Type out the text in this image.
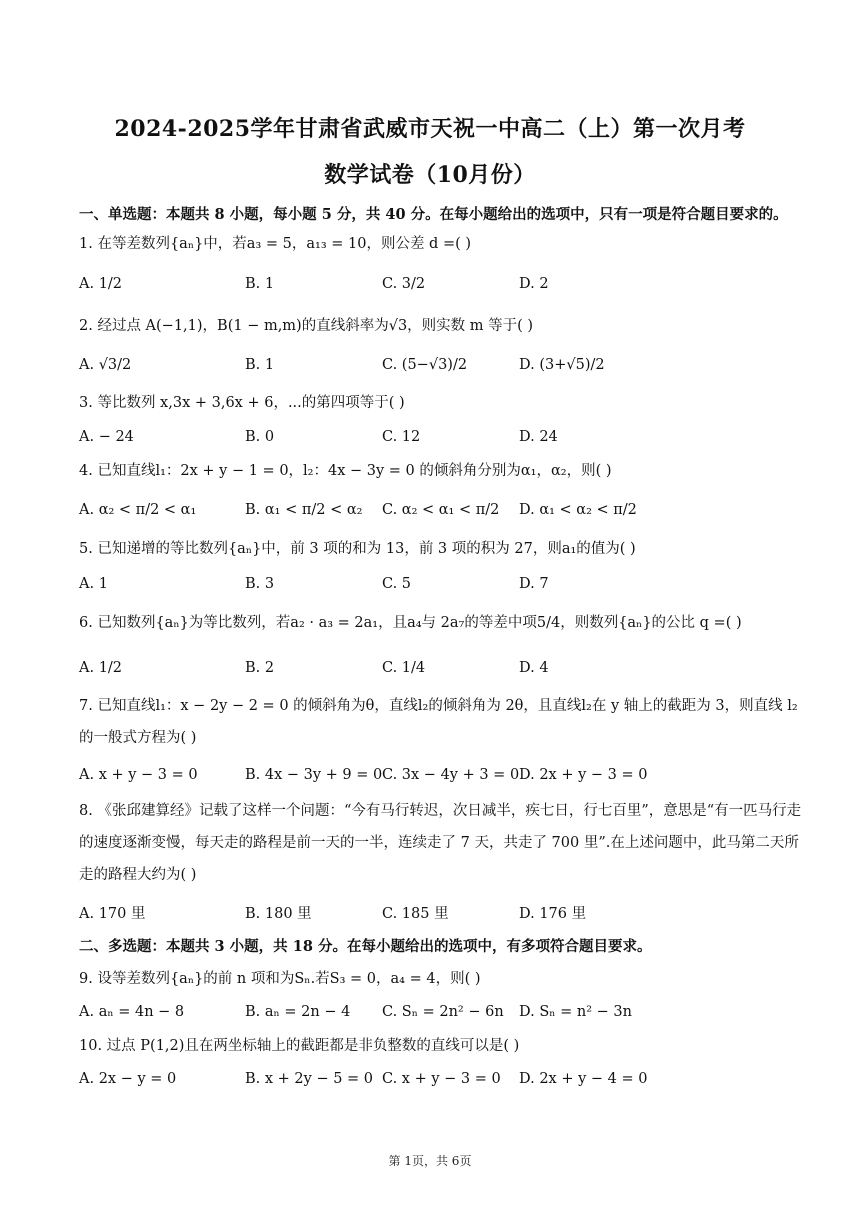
2024-2025学年甘肃省武威市天祝一中高二（上）第一次月考
数学试卷（10月份）
一、单选题：本题共 8 小题，每小题 5 分，共 40 分。在每小题给出的选项中，只有一项是符合题目要求的。
1. 在等差数列{aₙ}中，若a₃ = 5，a₁₃ = 10，则公差 d =( )
A. 1/2	B. 1	C. 3/2	D. 2
2. 经过点 A(−1,1)，B(1 − m,m)的直线斜率为√3，则实数 m 等于( )
A. √3/2	B. 1	C. (5−√3)/2	D. (3+√5)/2
3. 等比数列 x,3x + 3,6x + 6，...的第四项等于( )
A. − 24	B. 0	C. 12	D. 24
4. 已知直线l₁：2x + y − 1 = 0，l₂：4x − 3y = 0 的倾斜角分别为α₁，α₂，则( )
A. α₂ < π/2 < α₁	B. α₁ < π/2 < α₂ C. α₂ < α₁ < π/2 D. α₁ < α₂ < π/2
5. 已知递增的等比数列{aₙ}中，前 3 项的和为 13，前 3 项的积为 27，则a₁的值为( )
A. 1	B. 3	C. 5	D. 7
6. 已知数列{aₙ}为等比数列，若a₂ · a₃ = 2a₁，且a₄与 2a₇的等差中项5/4，则数列{aₙ}的公比 q =( )
A. 1/2	B. 2	C. 1/4	D. 4
7. 已知直线l₁：x − 2y − 2 = 0 的倾斜角为θ，直线l₂的倾斜角为 2θ，且直线l₂在 y 轴上的截距为 3，则直线 l₂的一般式方程为( )
A. x + y − 3 = 0	B. 4x − 3y + 9 = 0 C. 3x − 4y + 3 = 0 D. 2x + y − 3 = 0
8. 《张邱建算经》记载了这样一个问题：“今有马行转迟，次日减半，疾七日，行七百里”，意思是“有一匹马行走的速度逐渐变慢，每天走的路程是前一天的一半，连续走了 7 天，共走了 700 里”.在上述问题中，此马第二天所走的路程大约为( )
A. 170 里	B. 180 里	C. 185 里	D. 176 里
二、多选题：本题共 3 小题，共 18 分。在每小题给出的选项中，有多项符合题目要求。
9. 设等差数列{aₙ}的前 n 项和为Sₙ.若S₃ = 0，a₄ = 4，则( )
A. aₙ = 4n − 8	B. aₙ = 2n − 4 C. Sₙ = 2n² − 6n D. Sₙ = n² − 3n
10. 过点 P(1,2)且在两坐标轴上的截距都是非负整数的直线可以是( )
A. 2x − y = 0	B. x + 2y − 5 = 0 C. x + y − 3 = 0 D. 2x + y − 4 = 0
第 1页，共 6页
